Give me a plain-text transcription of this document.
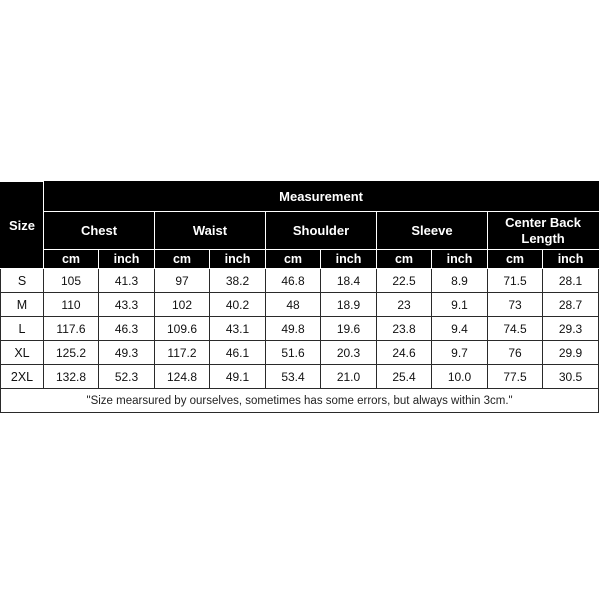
Size	Measurement									
	Chest		Waist		Shoulder		Sleeve		Center Back Length	
	cm	inch	cm	inch	cm	inch	cm	inch	cm	inch
S	105	41.3	97	38.2	46.8	18.4	22.5	8.9	71.5	28.1
M	110	43.3	102	40.2	48	18.9	23	9.1	73	28.7
L	117.6	46.3	109.6	43.1	49.8	19.6	23.8	9.4	74.5	29.3
XL	125.2	49.3	117.2	46.1	51.6	20.3	24.6	9.7	76	29.9
2XL	132.8	52.3	124.8	49.1	53.4	21.0	25.4	10.0	77.5	30.5
"Size mearsured by ourselves, sometimes has some errors, but always within 3cm."										
